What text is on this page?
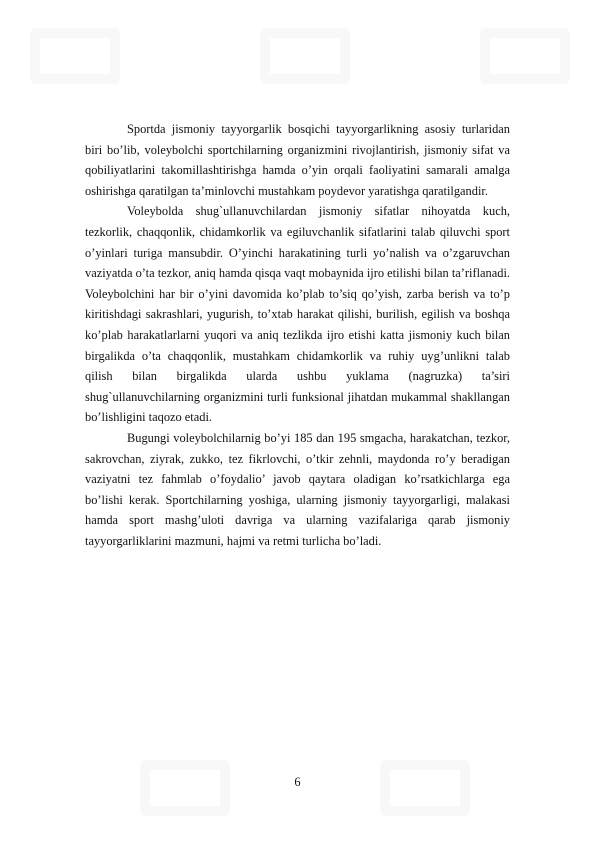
Sportda jismoniy tayyorgarlik bosqichi tayyorgarlikning asosiy turlaridan biri bo’lib, voleybolchi sportchilarning organizmini rivojlantirish, jismoniy sifat va qobiliyatlarini takomillashtirishga hamda o’yin orqali faoliyatini samarali amalga oshirishga qaratilgan ta’minlovchi mustahkam poydevor yaratishga qaratilgandir.

Voleybolda shug`ullanuvchilardan jismoniy sifatlar nihoyatda kuch, tezkorlik, chaqqonlik, chidamkorlik va egiluvchanlik sifatlarini talab qiluvchi sport o’yinlari turiga mansubdir. O’yinchi harakatining turli yo’nalish va o’zgaruvchan vaziyatda o’ta tezkor, aniq hamda qisqa vaqt mobaynida ijro etilishi bilan ta’riflanadi. Voleybolchini har bir o’yini davomida ko’plab to’siq qo’yish, zarba berish va to’p kiritishdagi sakrashlari, yugurish, to’xtab harakat qilishi, burilish, egilish va boshqa ko’plab harakatlarlarni yuqori va aniq tezlikda ijro etishi katta jismoniy kuch bilan birgalikda o’ta chaqqonlik, mustahkam chidamkorlik va ruhiy uyg’unlikni talab qilish bilan birgalikda ularda ushbu yuklama (nagruzka) ta’siri shug`ullanuvchilarning organizmini turli funksional jihatdan mukammal shakllangan bo’lishligini taqozo etadi.

Bugungi voleybolchilarnig bo’yi 185 dan 195 smgacha, harakatchan, tezkor, sakrovchan, ziyrak, zukko, tez fikrlovchi, o’tkir zehnli, maydonda ro’y beradigan vaziyatni tez fahmlab o’foydalio’ javob qaytara oladigan ko’rsatkichlarga ega bo’lishi kerak. Sportchilarning yoshiga, ularning jismoniy tayyorgarligi, malakasi hamda sport mashg’uloti davriga va ularning vazifalariga qarab jismoniy tayyorgarliklarini mazmuni, hajmi va retmi turlicha bo’ladi.

6
